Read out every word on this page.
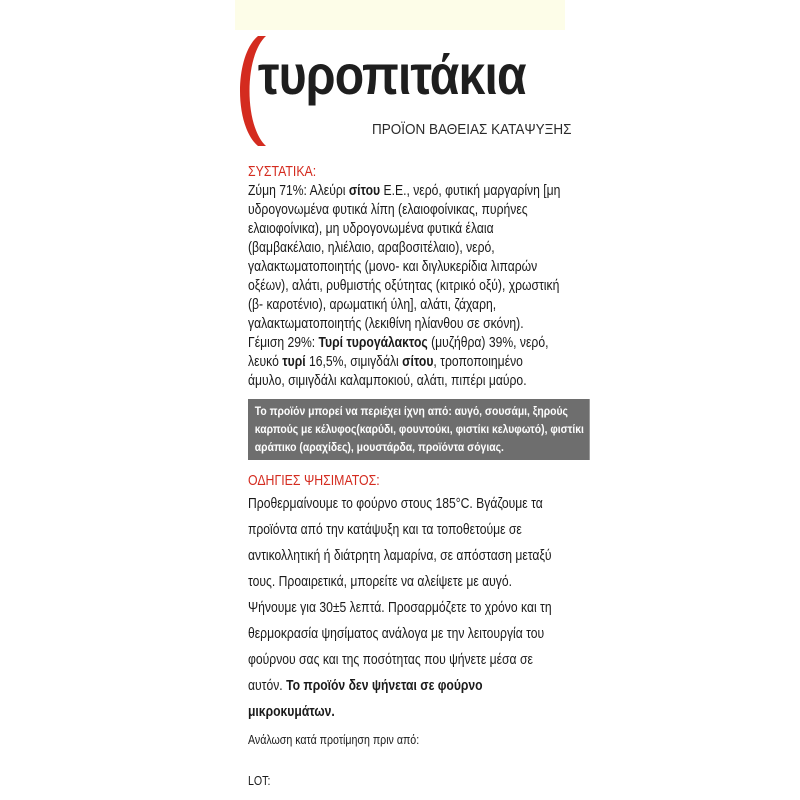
τυροπιτάκια
ΠΡΟΪΟΝ ΒΑΘΕΙΑΣ ΚΑΤΑΨΥΞΗΣ
ΣΥΣΤΑΤΙΚΑ:
Ζύμη 71%: Αλεύρι σίτου Ε.Ε., νερό, φυτική μαργαρίνη [μη υδρογονωμένα φυτικά λίπη (ελαιοφοίνικας, πυρήνες ελαιοφοίνικα), μη υδρογονωμένα φυτικά έλαια (βαμβακέλαιο, ηλιέλαιο, αραβοσιτέλαιο), νερό, γαλακτωματοποιητής (μονο- και διγλυκερίδια λιπαρών οξέων), αλάτι, ρυθμιστής οξύτητας (κιτρικό οξύ), χρωστική (β- καροτένιο), αρωματική ύλη], αλάτι, ζάχαρη, γαλακτωματοποιητής (λεκιθίνη ηλίανθου σε σκόνη).
Γέμιση 29%: Τυρί τυρογάλακτος (μυζήθρα) 39%, νερό, λευκό τυρί 16,5%, σιμιγδάλι σίτου, τροποποιημένο άμυλο, σιμιγδάλι καλαμποκιού, αλάτι, πιπέρι μαύρο.
Το προϊόν μπορεί να περιέχει ίχνη από: αυγό, σουσάμι, ξηρούς καρπούς με κέλυφος(καρύδι, φουντούκι, φιστίκι κελυφωτό), φιστίκι αράπικο (αραχίδες), μουστάρδα, προϊόντα σόγιας.
ΟΔΗΓΙΕΣ ΨΗΣΙΜΑΤΟΣ:
Προθερμαίνουμε το φούρνο στους 185°C. Βγάζουμε τα προϊόντα από την κατάψυξη και τα τοποθετούμε σε αντικολλητική ή διάτρητη λαμαρίνα, σε απόσταση μεταξύ τους. Προαιρετικά, μπορείτε να αλείψετε με αυγό. Ψήνουμε για 30±5 λεπτά. Προσαρμόζετε το χρόνο και τη θερμοκρασία ψησίματος ανάλογα με την λειτουργία του φούρνου σας και της ποσότητας που ψήνετε μέσα σε αυτόν. Το προϊόν δεν ψήνεται σε φούρνο μικροκυμάτων.
Ανάλωση κατά προτίμηση πριν από:
LOT:
